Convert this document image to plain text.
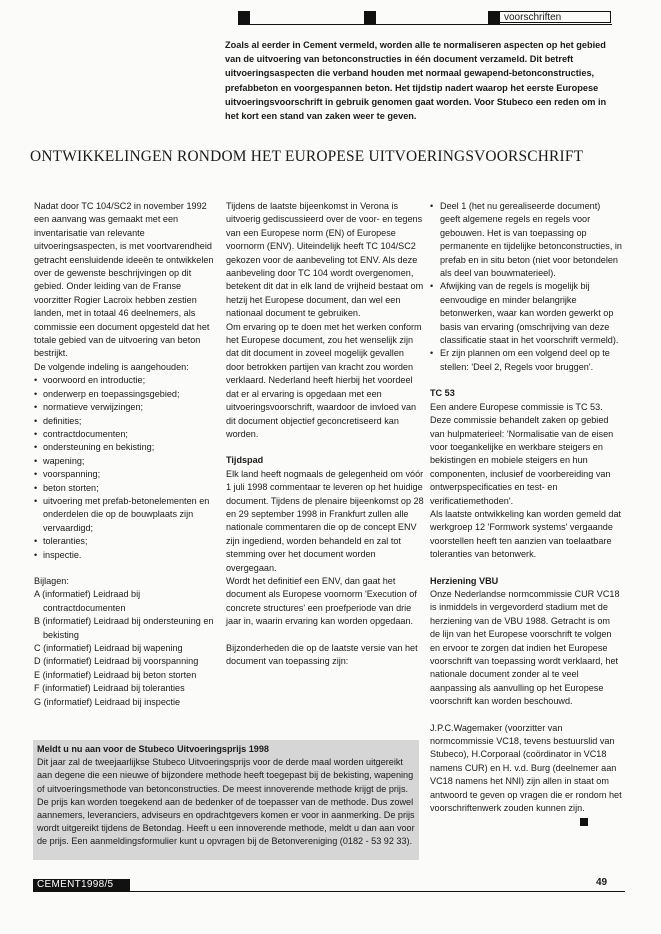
voorschriften
Zoals al eerder in Cement vermeld, worden alle te normaliseren aspecten op het gebied van de uitvoering van betonconstructies in één document verzameld. Dit betreft uitvoeringsaspecten die verband houden met normaal gewapend-betonconstructies, prefabbeton en voorgespannen beton. Het tijdstip nadert waarop het eerste Europese uitvoeringsvoorschrift in gebruik genomen gaat worden. Voor Stubeco een reden om in het kort een stand van zaken weer te geven.
ONTWIKKELINGEN RONDOM HET EUROPESE UITVOERINGSVOORSCHRIFT

Nadat door TC 104/SC2 in november 1992 een aanvang was gemaakt met een inventarisatie van relevante uitvoeringsaspecten, is met voortvarendheid getracht eensluidende ideeën te ontwikkelen over de gewenste beschrijvingen op dit gebied. Onder leiding van de Franse voorzitter Rogier Lacroix hebben zestien landen, met in totaal 46 deelnemers, als commissie een document opgesteld dat het totale gebied van de uitvoering van beton bestrijkt.

De volgende indeling is aangehouden:

• voorwoord en introductie;
• onderwerp en toepassingsgebied;
• normatieve verwijzingen;
• definities;
• contractdocumenten;
• ondersteuning en bekisting;
• wapening;
• voorspanning;
• beton storten;
• uitvoering met prefab-betonelementen en onderdelen die op de bouwplaats zijn vervaardigd;
• toleranties;
• inspectie.

Bijlagen:

A (informatief) Leidraad bij contractdocumenten

B (informatief) Leidraad bij ondersteuning en bekisting

C (informatief) Leidraad bij wapening

D (informatief) Leidraad bij voorspanning

E (informatief) Leidraad bij beton storten

F (informatief) Leidraad bij toleranties

G (informatief) Leidraad bij inspectie

Tijdens de laatste bijeenkomst in Verona is uitvoerig gediscussieerd over de voor- en tegens van een Europese norm (EN) of Europese voornorm (ENV). Uiteindelijk heeft TC 104/SC2 gekozen voor de aanbeveling tot ENV. Als deze aanbeveling door TC 104 wordt overgenomen, betekent dit dat in elk land de vrijheid bestaat om hetzij het Europese document, dan wel een nationaal document te gebruiken.

Om ervaring op te doen met het werken conform het Europese document, zou het wenselijk zijn dat dit document in zoveel mogelijk gevallen door betrokken partijen van kracht zou worden verklaard. Nederland heeft hierbij het voordeel dat er al ervaring is opgedaan met een uitvoeringsvoorschrift, waardoor de invloed van dit document objectief geconcretiseerd kan worden.

Tijdspad

Elk land heeft nogmaals de gelegenheid om vóór 1 juli 1998 commentaar te leveren op het huidige document. Tijdens de plenaire bijeenkomst op 28 en 29 september 1998 in Frankfurt zullen alle nationale commentaren die op de concept ENV zijn ingediend, worden behandeld en zal tot stemming over het document worden overgegaan.

Wordt het definitief een ENV, dan gaat het document als Europese voornorm 'Execution of concrete structures' een proefperiode van drie jaar in, waarin ervaring kan worden opgedaan.

Bijzonderheden die op de laatste versie van het document van toepassing zijn:

• Deel 1 (het nu gerealiseerde document) geeft algemene regels en regels voor gebouwen. Het is van toepassing op permanente en tijdelijke betonconstructies, in prefab en in situ beton (niet voor betondelen als deel van bouwmaterieel).
• Afwijking van de regels is mogelijk bij eenvoudige en minder belangrijke betonwerken, waar kan worden gewerkt op basis van ervaring (omschrijving van deze classificatie staat in het voorschrift vermeld).
• Er zijn plannen om een volgend deel op te stellen: 'Deel 2, Regels voor bruggen'.

TC 53

Een andere Europese commissie is TC 53. Deze commissie behandelt zaken op gebied van hulpmaterieel: 'Normalisatie van de eisen voor toegankelijke en werkbare steigers en bekistingen en mobiele steigers en hun componenten, inclusief de voorbereiding van ontwerpspecificaties en test- en verificatiemethoden'.

Als laatste ontwikkeling kan worden gemeld dat werkgroep 12 'Formwork systems' vergaande voorstellen heeft ten aanzien van toelaatbare toleranties van betonwerk.

Herziening VBU

Onze Nederlandse normcommissie CUR VC18 is inmiddels in vergevorderd stadium met de herziening van de VBU 1988. Getracht is om de lijn van het Europese voorschrift te volgen en ervoor te zorgen dat indien het Europese voorschrift van toepassing wordt verklaard, het nationale document zonder al te veel aanpassing als aanvulling op het Europese voorschrift kan worden beschouwd.

J.P.C.Wagemaker (voorzitter van normcommissie VC18, tevens bestuurslid van Stubeco), H.Corporaal (coördinator in VC18 namens CUR) en H. v.d. Burg (deelnemer aan VC18 namens het NNI) zijn allen in staat om antwoord te geven op vragen die er rondom het voorschriftenwerk zouden kunnen zijn.

Meldt u nu aan voor de Stubeco Uitvoeringsprijs 1998
Dit jaar zal de tweejaarlijkse Stubeco Uitvoeringsprijs voor de derde maal worden uitgereikt aan degene die een nieuwe of bijzondere methode heeft toegepast bij de bekisting, wapening of uitvoeringsmethode van betonconstructies. De meest innoverende methode krijgt de prijs. De prijs kan worden toegekend aan de bedenker of de toepasser van de methode. Dus zowel aannemers, leveranciers, adviseurs en opdrachtgevers komen er voor in aanmerking. De prijs wordt uitgereikt tijdens de Betondag. Heeft u een innoverende methode, meldt u dan aan voor de prijs. Een aanmeldingsformulier kunt u opvragen bij de Betonvereniging (0182 - 53 92 33).
CEMENT1998/5	49
